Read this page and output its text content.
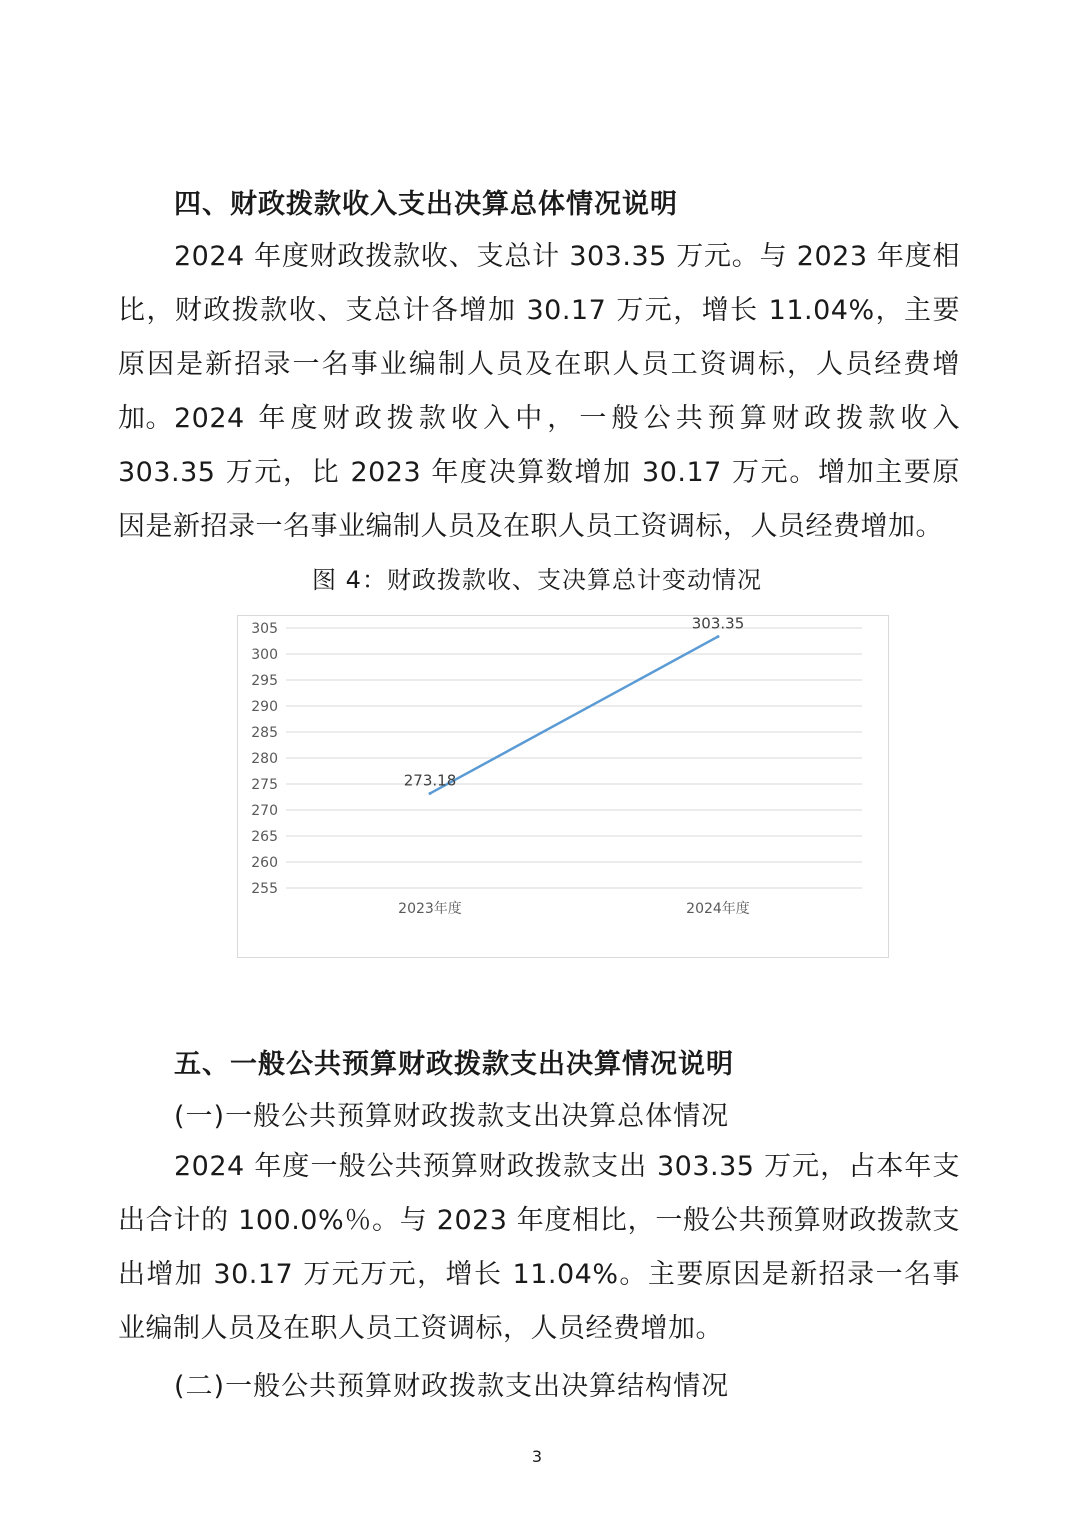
四、财政拨款收入支出决算总体情况说明
2024 年度财政拨款收、支总计 303.35 万元。与 2023 年度相比，财政拨款收、支总计各增加 30.17 万元，增长 11.04%，主要原因是新招录一名事业编制人员及在职人员工资调标，人员经费增加。 2024 年度财政拨款收入中，一般公共预算财政拨款收入 303.35 万元，比 2023 年度决算数增加 30.17 万元。增加主要原因是新招录一名事业编制人员及在职人员工资调标，人员经费增加。
图 4：财政拨款收、支决算总计变动情况
305
300
295
290
285
280
275
270
265
260
255
2023年度	2024年度
273.18
303.35
五、一般公共预算财政拨款支出决算情况说明
(一)一般公共预算财政拨款支出决算总体情况
2024 年度一般公共预算财政拨款支出 303.35 万元，占本年支出合计的 100.0%％。与 2023 年度相比，一般公共预算财政拨款支出增加 30.17 万元万元，增长 11.04%。主要原因是新招录一名事业编制人员及在职人员工资调标，人员经费增加。
(二)一般公共预算财政拨款支出决算结构情况
3
